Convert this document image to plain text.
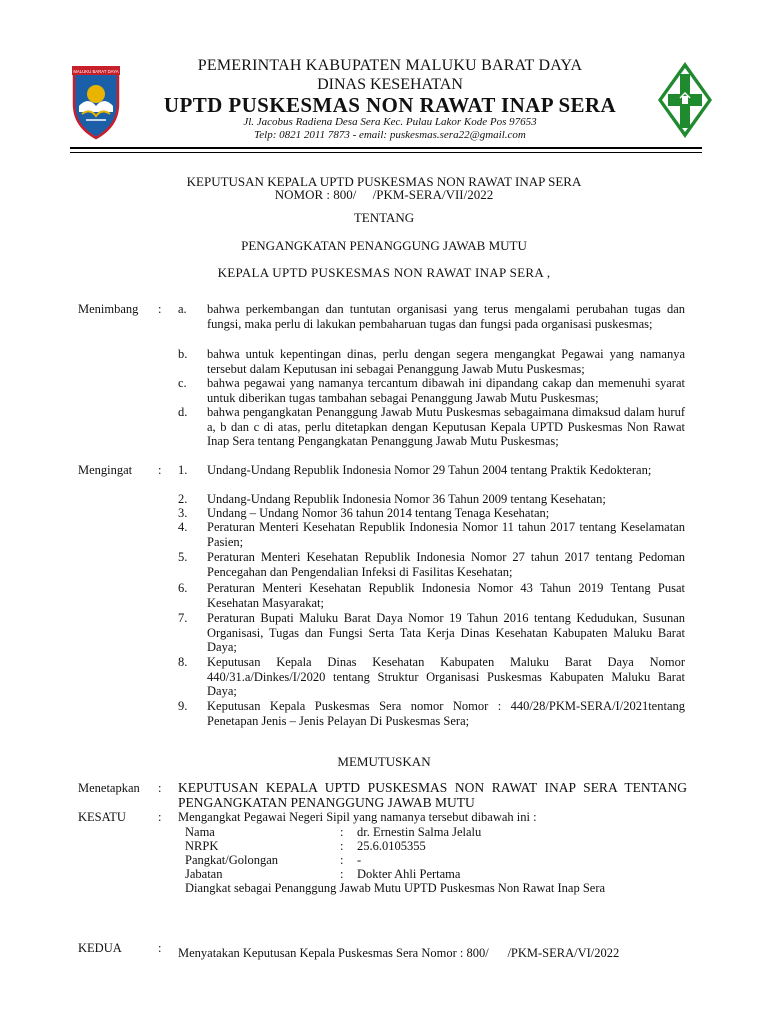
MALUKU BARAT DAYA	PEMERINTAH KABUPATEN MALUKU BARAT DAYA
DINAS KESEHATAN
UPTD PUSKESMAS NON RAWAT INAP SERA
Jl. Jacobus Radiena Desa Sera Kec. Pulau Lakor Kode Pos 97653
Telp: 0821 2011 7873 - email: puskesmas.sera22@gmail.com
KEPUTUSAN KEPALA UPTD PUSKESMAS NON RAWAT INAP SERA
NOMOR : 800/     /PKM-SERA/VII/2022
TENTANG
PENGANGKATAN PENANGGUNG JAWAB MUTU
KEPALA UPTD PUSKESMAS NON RAWAT INAP SERA ,
Menimbang : a. bahwa perkembangan dan tuntutan organisasi yang terus mengalami perubahan tugas dan fungsi, maka perlu di lakukan pembaharuan tugas dan fungsi pada organisasi puskesmas;
b. bahwa untuk kepentingan dinas, perlu dengan segera mengangkat Pegawai yang namanya tersebut dalam Keputusan ini sebagai Penanggung Jawab Mutu Puskesmas;
c. bahwa pegawai yang namanya tercantum dibawah ini dipandang cakap dan memenuhi syarat untuk diberikan tugas tambahan sebagai Penanggung Jawab Mutu Puskesmas;
d. bahwa pengangkatan Penanggung Jawab Mutu Puskesmas sebagaimana dimaksud dalam huruf a, b dan c di atas, perlu ditetapkan dengan Keputusan Kepala UPTD Puskesmas Non Rawat Inap Sera tentang Pengangkatan Penanggung Jawab Mutu Puskesmas;
Mengingat : 1. Undang-Undang Republik Indonesia Nomor 29 Tahun 2004 tentang Praktik Kedokteran;
2. Undang-Undang Republik Indonesia Nomor 36 Tahun 2009 tentang Kesehatan;
3. Undang – Undang Nomor 36 tahun 2014 tentang Tenaga Kesehatan;
4. Peraturan Menteri Kesehatan Republik Indonesia Nomor 11 tahun 2017 tentang Keselamatan Pasien;
5. Peraturan Menteri Kesehatan Republik Indonesia Nomor 27 tahun 2017 tentang Pedoman Pencegahan dan Pengendalian Infeksi di Fasilitas Kesehatan;
6. Peraturan Menteri Kesehatan Republik Indonesia Nomor 43 Tahun 2019 Tentang Pusat Kesehatan Masyarakat;
7. Peraturan Bupati Maluku Barat Daya Nomor 19 Tahun 2016 tentang Kedudukan, Susunan Organisasi, Tugas dan Fungsi Serta Tata Kerja Dinas Kesehatan Kabupaten Maluku Barat Daya;
8. Keputusan Kepala Dinas Kesehatan Kabupaten Maluku Barat Daya Nomor 440/31.a/Dinkes/I/2020 tentang Struktur Organisasi Puskesmas Kabupaten Maluku Barat Daya;
9. Keputusan Kepala Puskesmas Sera nomor Nomor : 440/28/PKM-SERA/I/2021tentang Penetapan Jenis – Jenis Pelayan Di Puskesmas Sera;
MEMUTUSKAN
Menetapkan : KEPUTUSAN KEPALA UPTD PUSKESMAS NON RAWAT INAP SERA TENTANG PENGANGKATAN PENANGGUNG JAWAB MUTU
KESATU	: Mengangkat Pegawai Negeri Sipil yang namanya tersebut dibawah ini :
Nama	: dr. Ernestin Salma Jelalu
NRPK	: 25.6.0105355
Pangkat/Golongan	: -
Jabatan	: Dokter Ahli Pertama
Diangkat sebagai Penanggung Jawab Mutu UPTD Puskesmas Non Rawat Inap Sera
KEDUA	: Menyatakan Keputusan Kepala Puskesmas Sera Nomor : 800/      /PKM-SERA/VI/2022
